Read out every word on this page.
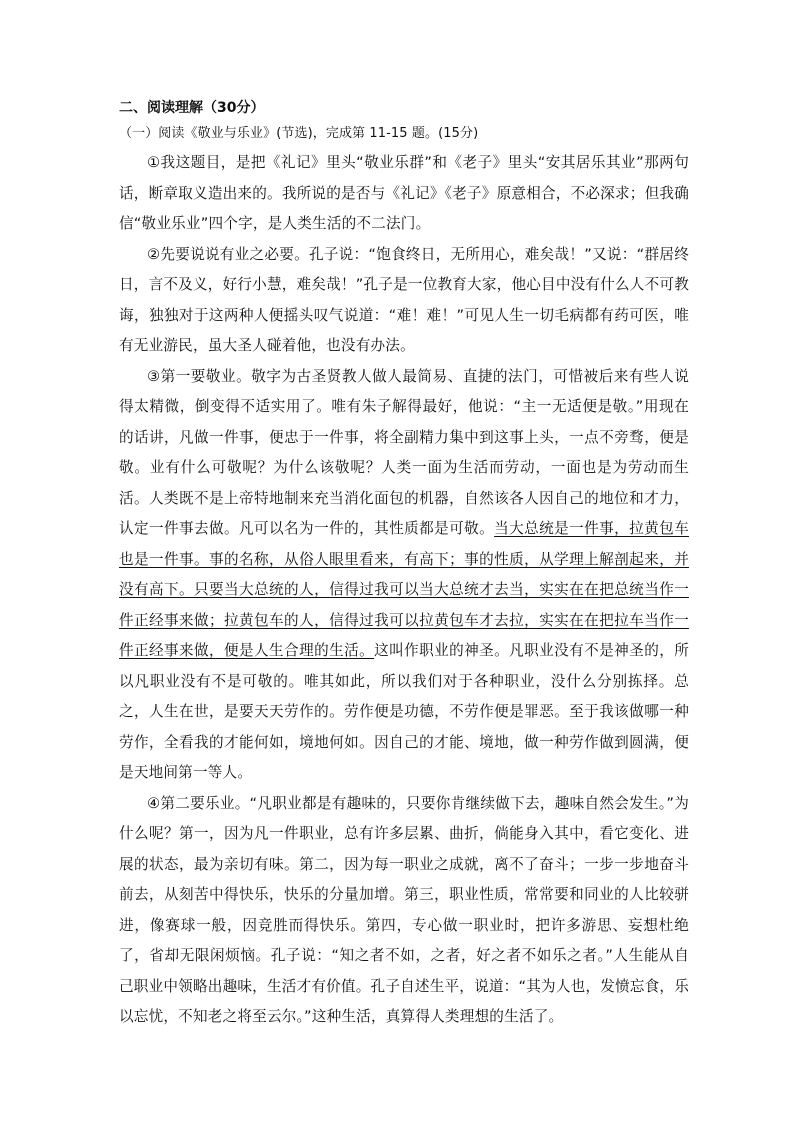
二、阅读理解（30分）
（一）阅读《敬业与乐业》(节选)，完成第 11-15 题。(15分)

①我这题目，是把《礼记》里头“敬业乐群”和《老子》里头“安其居乐其业”那两句话，断章取义造出来的。我所说的是否与《礼记》《老子》原意相合，不必深求；但我确信“敬业乐业”四个字，是人类生活的不二法门。

②先要说说有业之必要。孔子说：“饱食终日，无所用心，难矣哉！”又说：“群居终日，言不及义，好行小慧，难矣哉！”孔子是一位教育大家，他心目中没有什么人不可教诲，独独对于这两种人便摇头叹气说道：“难！难！”可见人生一切毛病都有药可医，唯有无业游民，虽大圣人碰着他，也没有办法。

③第一要敬业。敬字为古圣贤教人做人最简易、直捷的法门，可惜被后来有些人说得太精微，倒变得不适实用了。唯有朱子解得最好，他说：“主一无适便是敬。”用现在的话讲，凡做一件事，便忠于一件事，将全副精力集中到这事上头，一点不旁骛，便是敬。业有什么可敬呢？为什么该敬呢？人类一面为生活而劳动，一面也是为劳动而生活。人类既不是上帝特地制来充当消化面包的机器，自然该各人因自己的地位和才力，认定一件事去做。凡可以名为一件的，其性质都是可敬。当大总统是一件事，拉黄包车也是一件事。事的名称，从俗人眼里看来，有高下；事的性质，从学理上解剖起来，并没有高下。只要当大总统的人，信得过我可以当大总统才去当，实实在在把总统当作一件正经事来做；拉黄包车的人，信得过我可以拉黄包车才去拉，实实在在把拉车当作一件正经事来做，便是人生合理的生活。这叫作职业的神圣。凡职业没有不是神圣的，所以凡职业没有不是可敬的。唯其如此，所以我们对于各种职业，没什么分别拣择。总之，人生在世，是要天天劳作的。劳作便是功德，不劳作便是罪恶。至于我该做哪一种劳作，全看我的才能何如，境地何如。因自己的才能、境地，做一种劳作做到圆满，便是天地间第一等人。

④第二要乐业。“凡职业都是有趣味的，只要你肯继续做下去，趣味自然会发生。”为什么呢？第一，因为凡一件职业，总有许多层累、曲折，倘能身入其中，看它变化、进展的状态，最为亲切有味。第二，因为每一职业之成就，离不了奋斗；一步一步地奋斗前去，从刻苦中得快乐，快乐的分量加增。第三，职业性质，常常要和同业的人比较骈进，像赛球一般，因竞胜而得快乐。第四，专心做一职业时，把许多游思、妄想杜绝了，省却无限闲烦恼。孔子说：“知之者不如，之者，好之者不如乐之者。”人生能从自己职业中领略出趣味，生活才有价值。孔子自述生平，说道：“其为人也，发愤忘食，乐以忘忧，不知老之将至云尔。”这种生活，真算得人类理想的生活了。
